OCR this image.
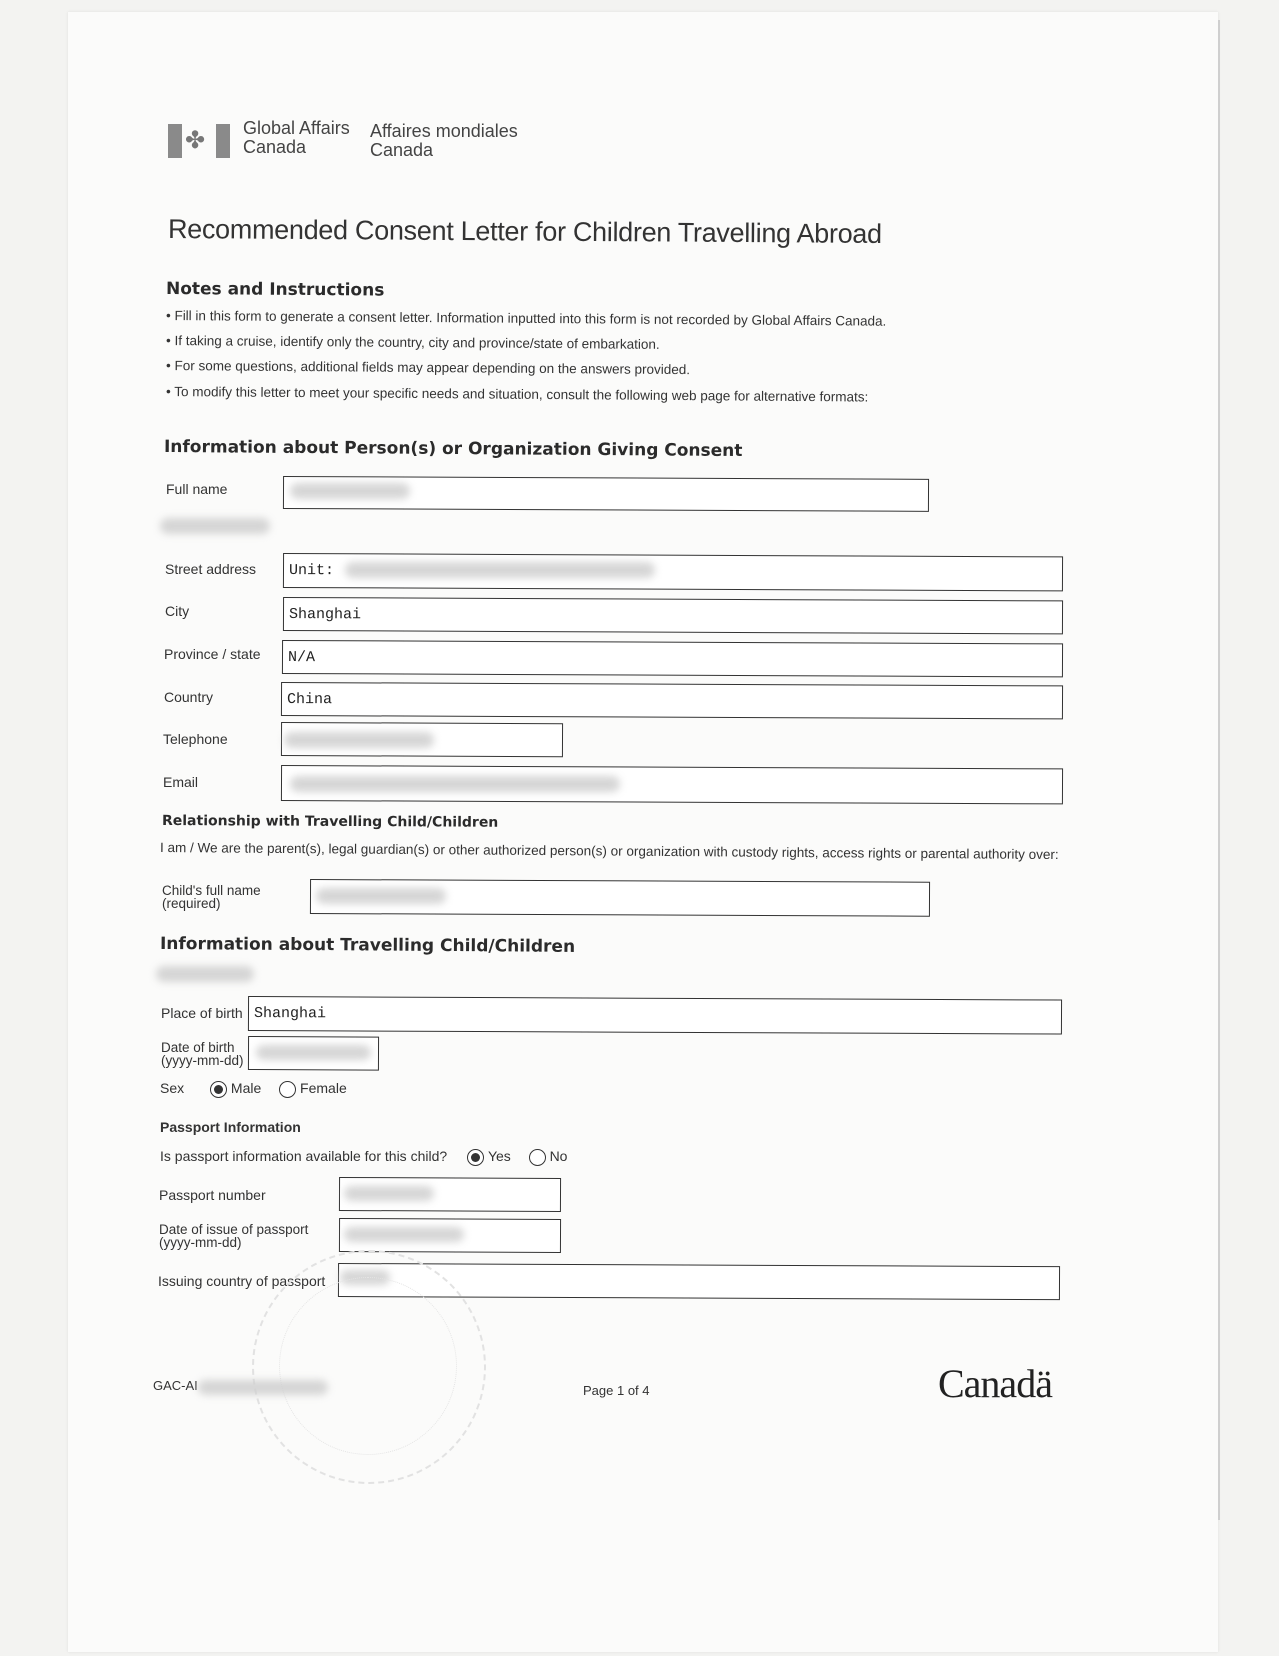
✤ Global Affairs
Canada
Affaires mondiales
Canada
Recommended Consent Letter for Children Travelling Abroad
Notes and Instructions
• Fill in this form to generate a consent letter. Information inputted into this form is not recorded by Global Affairs Canada.
• If taking a cruise, identify only the country, city and province/state of embarkation.
• For some questions, additional fields may appear depending on the answers provided.
• To modify this letter to meet your specific needs and situation, consult the following web page for alternative formats:
Information about Person(s) or Organization Giving Consent
Full name
Street address Unit:
City	Shanghai
Province / state N/A
Country	China
Telephone
Email
Relationship with Travelling Child/Children
I am / We are the parent(s), legal guardian(s) or other authorized person(s) or organization with custody rights, access rights or parental authority over:
Child's full name
(required)
Information about Travelling Child/Children
Place of birth Shanghai
Date of birth
(yyyy-mm-dd)
Sex	Male	Female
Passport Information
Is passport information available for this child?	Yes	No
Passport number
Date of issue of passport
(yyyy-mm-dd)
Issuing country of passport
GAC-AI	Page 1 of 4	Canadä
